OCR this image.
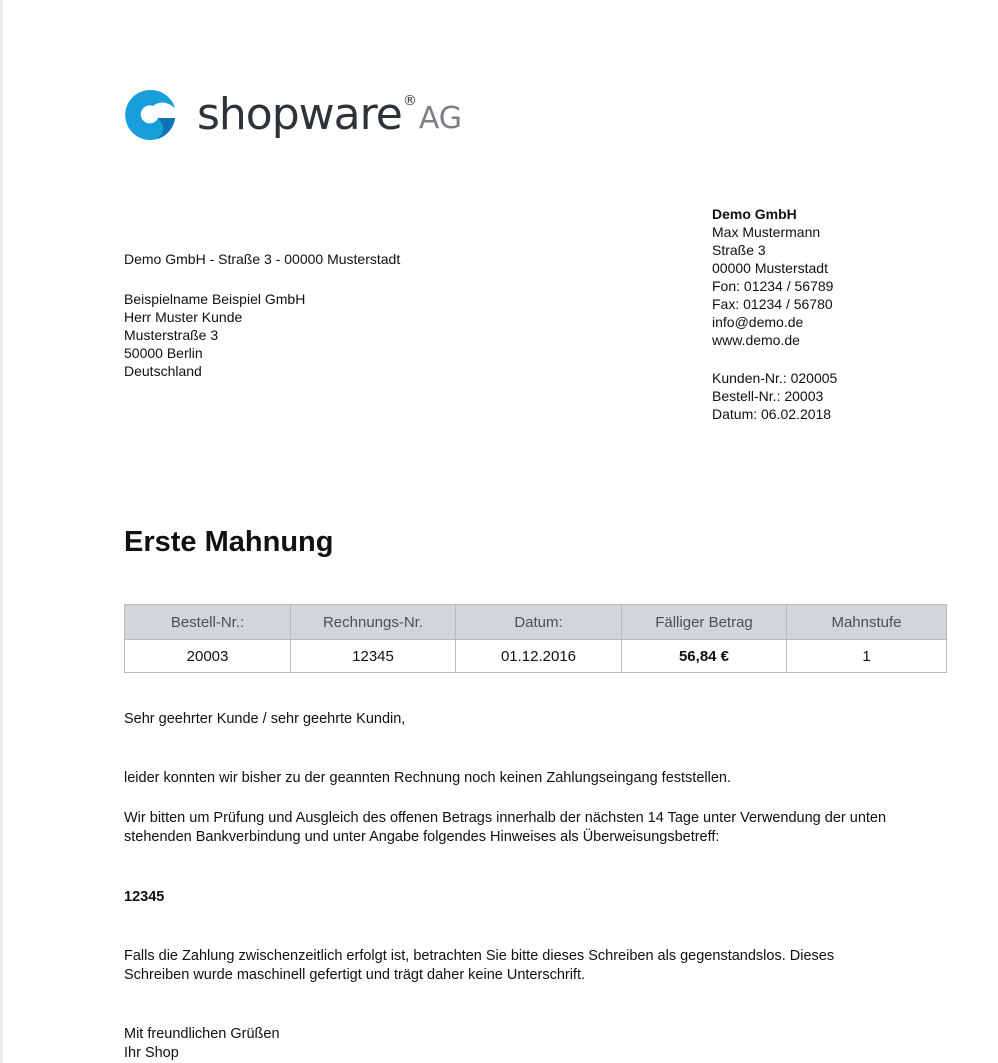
shopware ® AG
Demo GmbH - Straße 3 - 00000 Musterstadt
Beispielname Beispiel GmbH
Herr Muster Kunde
Musterstraße 3
50000 Berlin
Deutschland
Demo GmbH
Max Mustermann
Straße 3
00000 Musterstadt
Fon: 01234 / 56789
Fax: 01234 / 56780
info@demo.de
www.demo.de
Kunden-Nr.: 020005
Bestell-Nr.: 20003
Datum: 06.02.2018
Erste Mahnung
Bestell-Nr.:	Rechnungs-Nr.	Datum:	Fälliger Betrag	Mahnstufe
20003	12345	01.12.2016	56,84 €	1

Sehr geehrter Kunde / sehr geehrte Kundin,

leider konnten wir bisher zu der geannten Rechnung noch keinen Zahlungseingang feststellen.

Wir bitten um Prüfung und Ausgleich des offenen Betrags innerhalb der nächsten 14 Tage unter Verwendung der unten
stehenden Bankverbindung und unter Angabe folgendes Hinweises als Überweisungsbetreff:

12345

Falls die Zahlung zwischenzeitlich erfolgt ist, betrachten Sie bitte dieses Schreiben als gegenstandslos. Dieses
Schreiben wurde maschinell gefertigt und trägt daher keine Unterschrift.

Mit freundlichen Grüßen

Ihr Shop
